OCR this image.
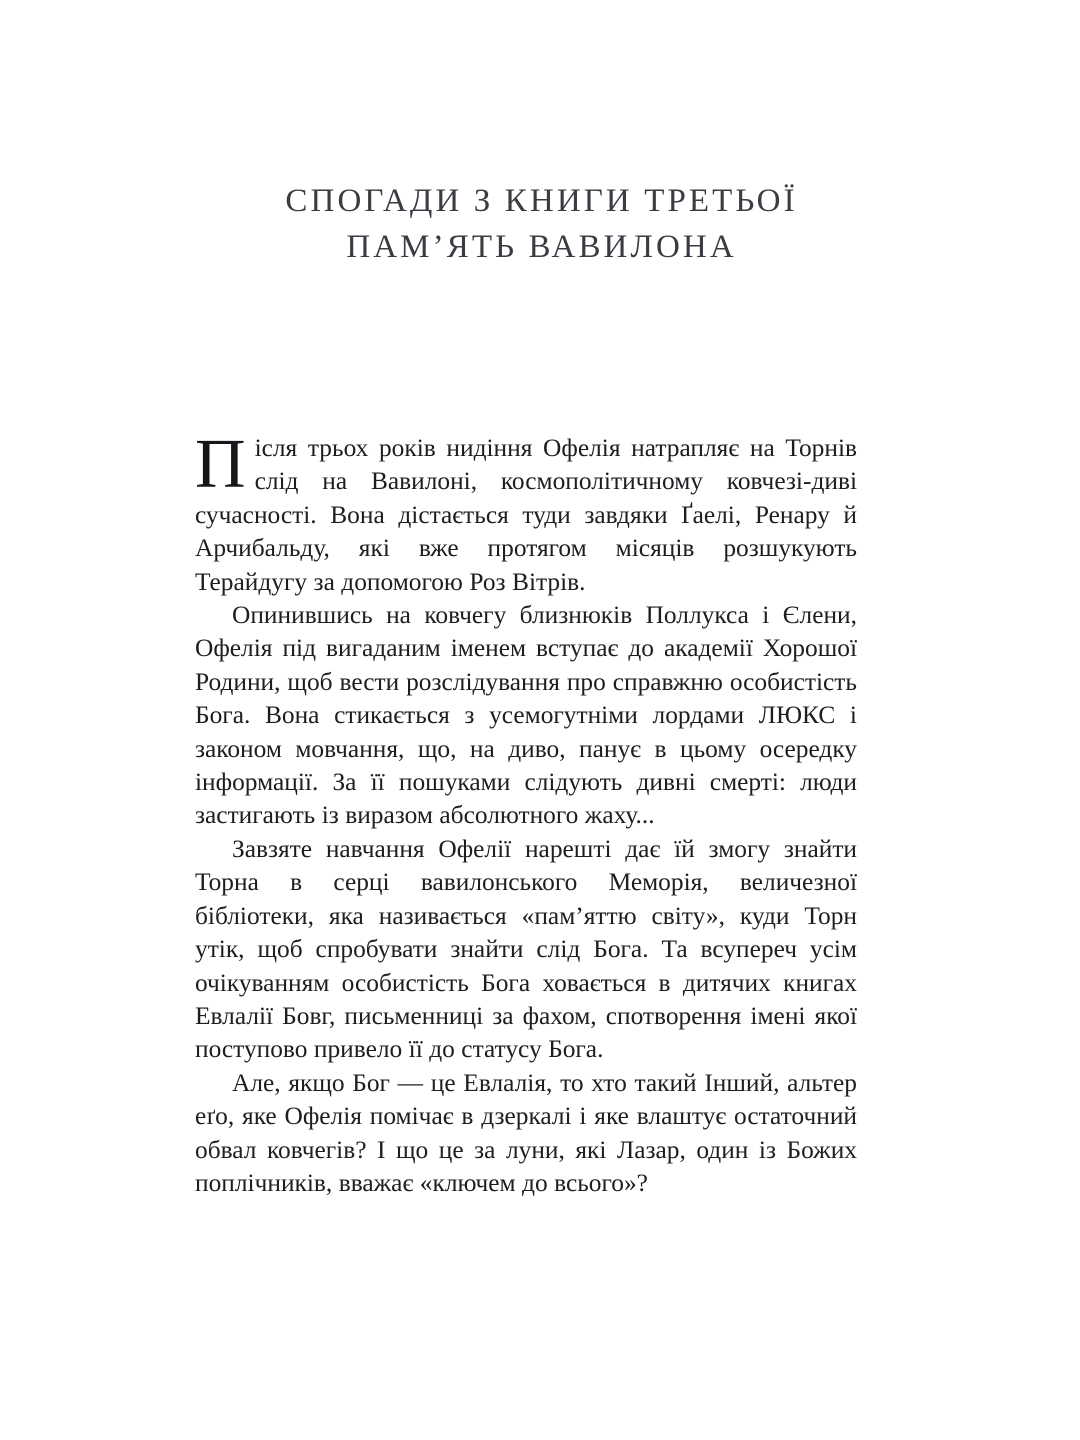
СПОГАДИ З КНИГИ ТРЕТЬОЇ
ПАМ’ЯТЬ ВАВИЛОНА

Після трьох років нидіння Офелія натрапляє на Торнів слід на Вавилоні, космополітичному ковчезі-диві сучасності. Вона дістається туди завдяки Ґаелі, Ренару й Арчибальду, які вже протягом місяців розшукують Терайдугу за допомогою Роз Вітрів.

Опинившись на ковчегу близнюків Поллукса і Єлени, Офелія під вигаданим іменем вступає до академії Хорошої Родини, щоб вести розслідування про справжню особистість Бога. Вона стикається з усемогутніми лордами ЛЮКС і законом мовчання, що, на диво, панує в цьому осередку інформації. За її пошуками слідують дивні смерті: люди застигають із виразом абсолютного жаху...

Завзяте навчання Офелії нарешті дає їй змогу знайти Торна в серці вавилонського Меморія, величезної бібліотеки, яка називається «пам’яттю світу», куди Торн утік, щоб спробувати знайти слід Бога. Та всупереч усім очікуванням особистість Бога ховається в дитячих книгах Евлалії Бовг, письменниці за фахом, спотворення імені якої поступово привело її до статусу Бога.

Але, якщо Бог — це Евлалія, то хто такий Інший, альтер еґо, яке Офелія помічає в дзеркалі і яке влаштує остаточний обвал ковчегів? І що це за луни, які Лазар, один із Божих поплічників, вважає «ключем до всього»?
